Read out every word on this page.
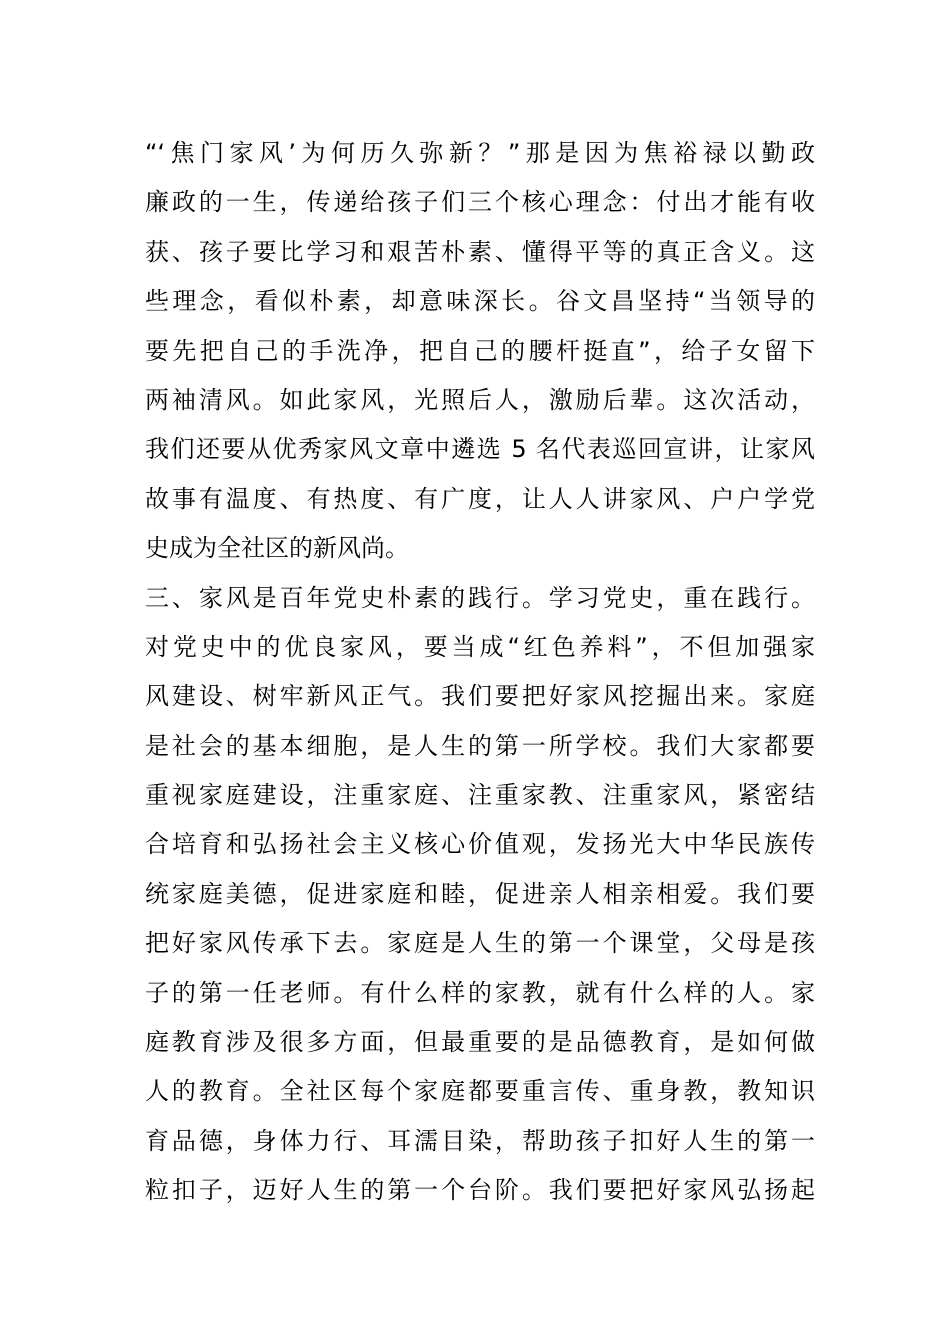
“‘焦门家风’为何历久弥新？”那是因为焦裕禄以勤政
廉政的一生，传递给孩子们三个核心理念：付出才能有收
获、孩子要比学习和艰苦朴素、懂得平等的真正含义。这
些理念，看似朴素，却意味深长。谷文昌坚持“当领导的
要先把自己的手洗净，把自己的腰杆挺直”，给子女留下
两袖清风。如此家风，光照后人，激励后辈。这次活动，
我们还要从优秀家风文章中遴选 5 名代表巡回宣讲，让家风
故事有温度、有热度、有广度，让人人讲家风、户户学党
史成为全社区的新风尚。
三、家风是百年党史朴素的践行。学习党史，重在践行。
对党史中的优良家风，要当成“红色养料”，不但加强家
风建设、树牢新风正气。我们要把好家风挖掘出来。家庭
是社会的基本细胞，是人生的第一所学校。我们大家都要
重视家庭建设，注重家庭、注重家教、注重家风，紧密结
合培育和弘扬社会主义核心价值观，发扬光大中华民族传
统家庭美德，促进家庭和睦，促进亲人相亲相爱。我们要
把好家风传承下去。家庭是人生的第一个课堂，父母是孩
子的第一任老师。有什么样的家教，就有什么样的人。家
庭教育涉及很多方面，但最重要的是品德教育，是如何做
人的教育。全社区每个家庭都要重言传、重身教，教知识
育品德，身体力行、耳濡目染，帮助孩子扣好人生的第一
粒扣子，迈好人生的第一个台阶。我们要把好家风弘扬起
